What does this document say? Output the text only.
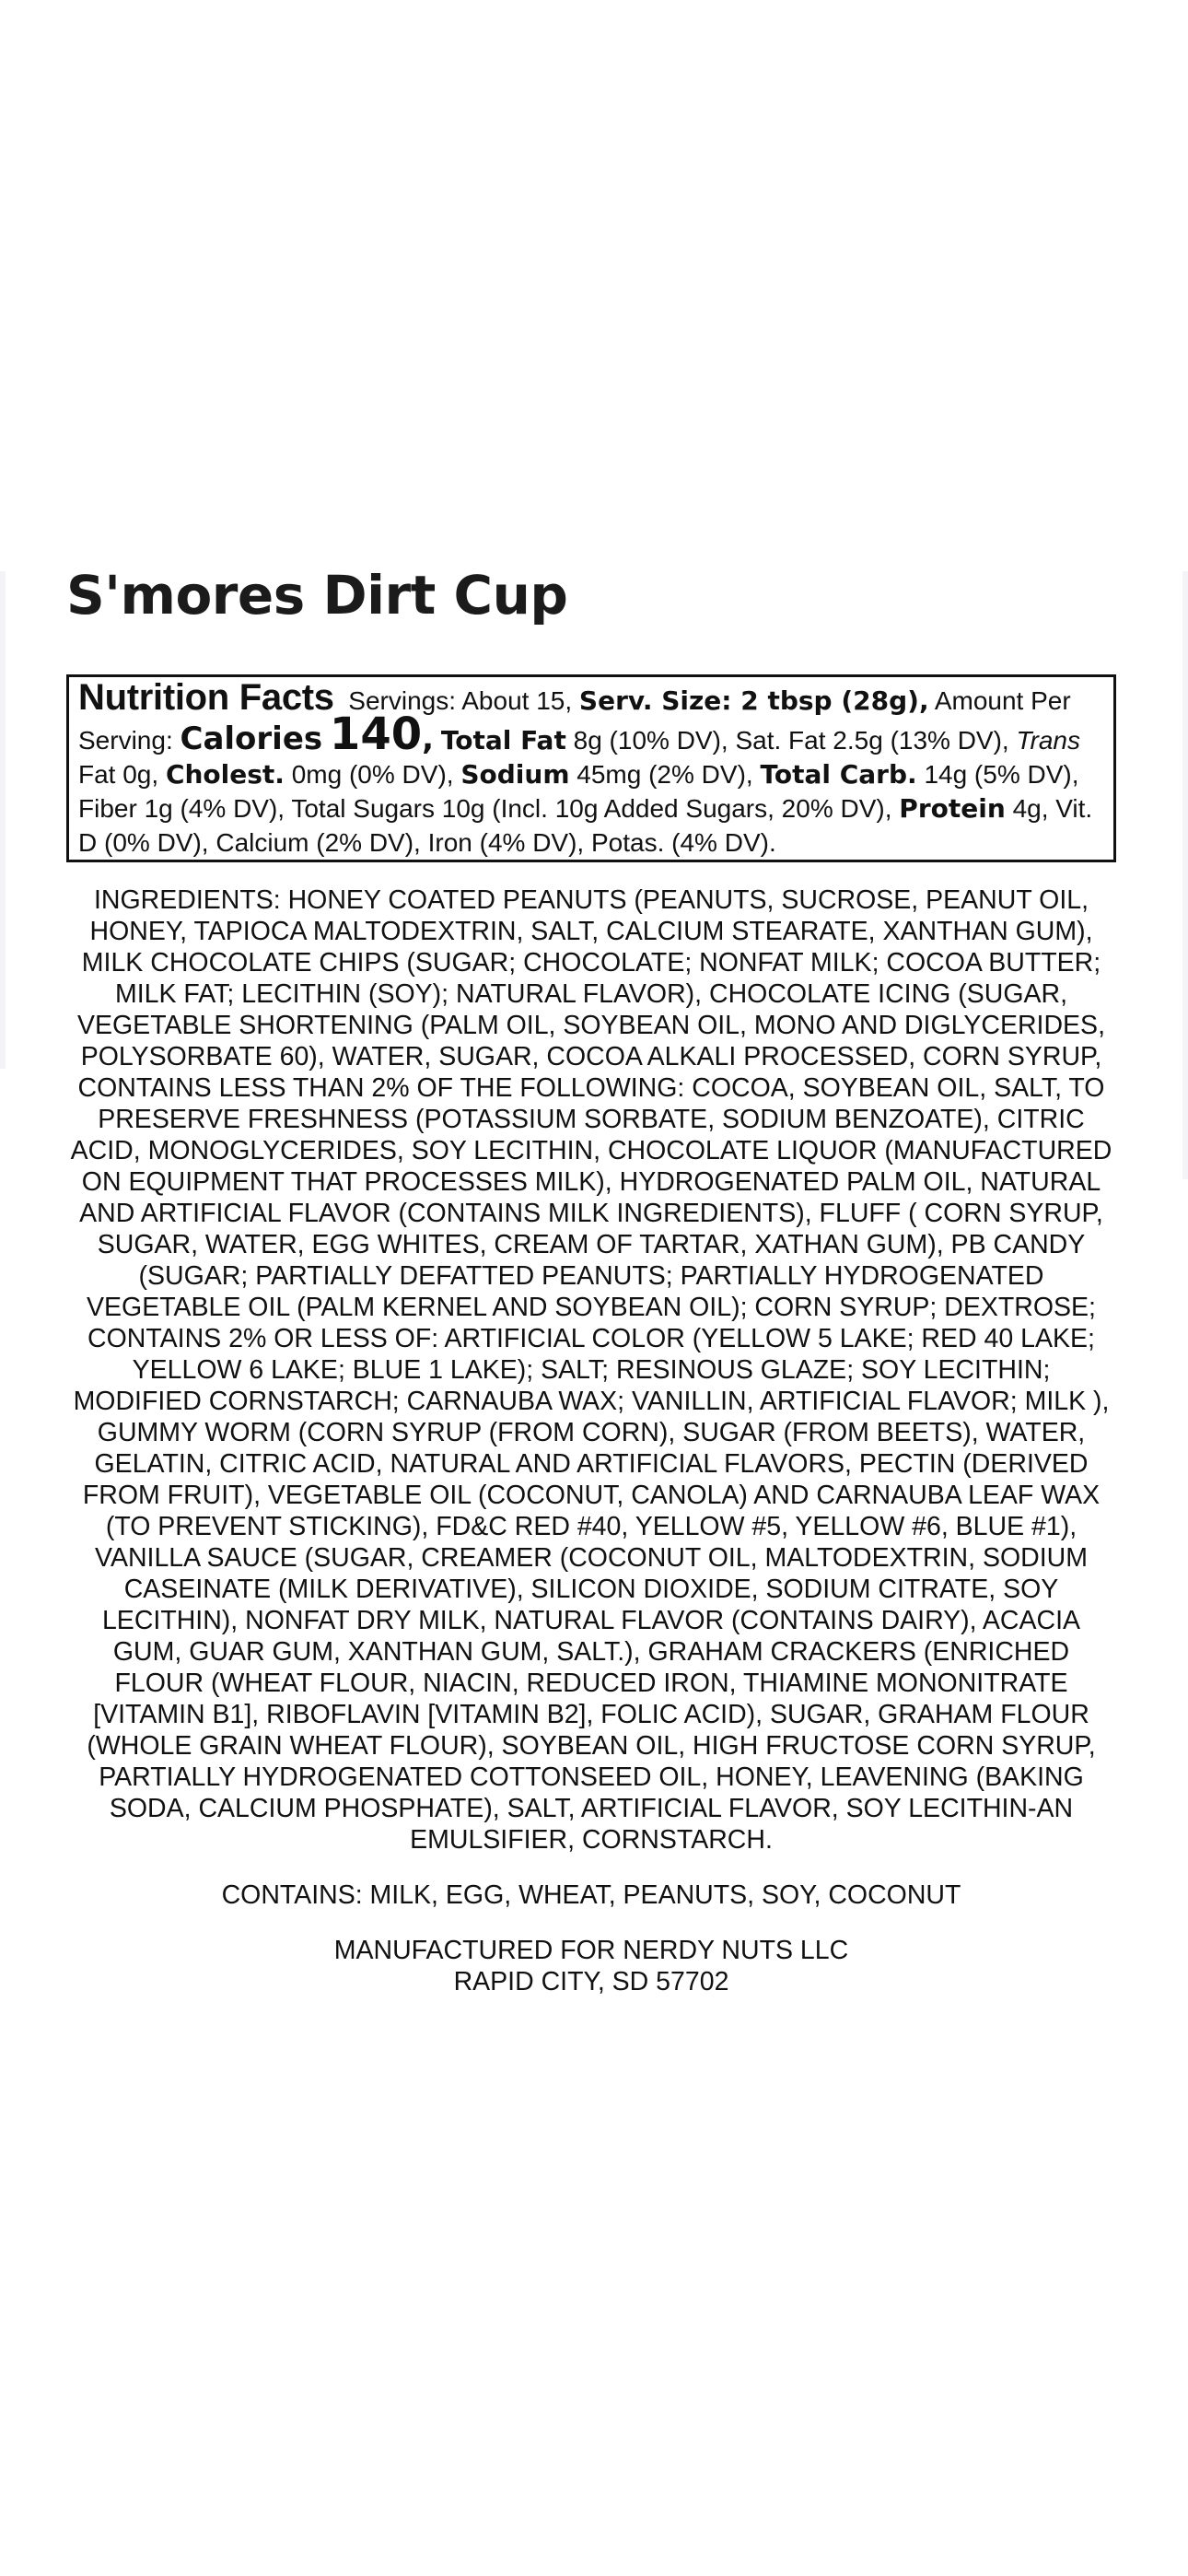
S'mores Dirt Cup
Nutrition Facts Servings: About 15, Serv. Size: 2 tbsp (28g), Amount Per Serving: Calories 140, Total Fat 8g (10% DV), Sat. Fat 2.5g (13% DV), Trans Fat 0g, Cholest. 0mg (0% DV), Sodium 45mg (2% DV), Total Carb. 14g (5% DV), Fiber 1g (4% DV), Total Sugars 10g (Incl. 10g Added Sugars, 20% DV), Protein 4g, Vit. D (0% DV), Calcium (2% DV), Iron (4% DV), Potas. (4% DV).
INGREDIENTS: HONEY COATED PEANUTS (PEANUTS, SUCROSE, PEANUT OIL, HONEY, TAPIOCA MALTODEXTRIN, SALT, CALCIUM STEARATE, XANTHAN GUM), MILK CHOCOLATE CHIPS (SUGAR; CHOCOLATE; NONFAT MILK; COCOA BUTTER; MILK FAT; LECITHIN (SOY); NATURAL FLAVOR), CHOCOLATE ICING (SUGAR, VEGETABLE SHORTENING (PALM OIL, SOYBEAN OIL, MONO AND DIGLYCERIDES, POLYSORBATE 60), WATER, SUGAR, COCOA ALKALI PROCESSED, CORN SYRUP, CONTAINS LESS THAN 2% OF THE FOLLOWING: COCOA, SOYBEAN OIL, SALT, TO PRESERVE FRESHNESS (POTASSIUM SORBATE, SODIUM BENZOATE), CITRIC ACID, MONOGLYCERIDES, SOY LECITHIN, CHOCOLATE LIQUOR (MANUFACTURED ON EQUIPMENT THAT PROCESSES MILK), HYDROGENATED PALM OIL, NATURAL AND ARTIFICIAL FLAVOR (CONTAINS MILK INGREDIENTS), FLUFF ( CORN SYRUP, SUGAR, WATER, EGG WHITES, CREAM OF TARTAR, XATHAN GUM), PB CANDY (SUGAR; PARTIALLY DEFATTED PEANUTS; PARTIALLY HYDROGENATED VEGETABLE OIL (PALM KERNEL AND SOYBEAN OIL); CORN SYRUP; DEXTROSE; CONTAINS 2% OR LESS OF: ARTIFICIAL COLOR (YELLOW 5 LAKE; RED 40 LAKE; YELLOW 6 LAKE; BLUE 1 LAKE); SALT; RESINOUS GLAZE; SOY LECITHIN; MODIFIED CORNSTARCH; CARNAUBA WAX; VANILLIN, ARTIFICIAL FLAVOR; MILK ), GUMMY WORM (CORN SYRUP (FROM CORN), SUGAR (FROM BEETS), WATER, GELATIN, CITRIC ACID, NATURAL AND ARTIFICIAL FLAVORS, PECTIN (DERIVED FROM FRUIT), VEGETABLE OIL (COCONUT, CANOLA) AND CARNAUBA LEAF WAX (TO PREVENT STICKING), FD&C RED #40, YELLOW #5, YELLOW #6, BLUE #1), VANILLA SAUCE (SUGAR, CREAMER (COCONUT OIL, MALTODEXTRIN, SODIUM CASEINATE (MILK DERIVATIVE), SILICON DIOXIDE, SODIUM CITRATE, SOY LECITHIN), NONFAT DRY MILK, NATURAL FLAVOR (CONTAINS DAIRY), ACACIA GUM, GUAR GUM, XANTHAN GUM, SALT.), GRAHAM CRACKERS (ENRICHED FLOUR (WHEAT FLOUR, NIACIN, REDUCED IRON, THIAMINE MONONITRATE [VITAMIN B1], RIBOFLAVIN [VITAMIN B2], FOLIC ACID), SUGAR, GRAHAM FLOUR (WHOLE GRAIN WHEAT FLOUR), SOYBEAN OIL, HIGH FRUCTOSE CORN SYRUP, PARTIALLY HYDROGENATED COTTONSEED OIL, HONEY, LEAVENING (BAKING SODA, CALCIUM PHOSPHATE), SALT, ARTIFICIAL FLAVOR, SOY LECITHIN-AN EMULSIFIER, CORNSTARCH.
CONTAINS: MILK, EGG, WHEAT, PEANUTS, SOY, COCONUT
MANUFACTURED FOR NERDY NUTS LLC
RAPID CITY, SD 57702
